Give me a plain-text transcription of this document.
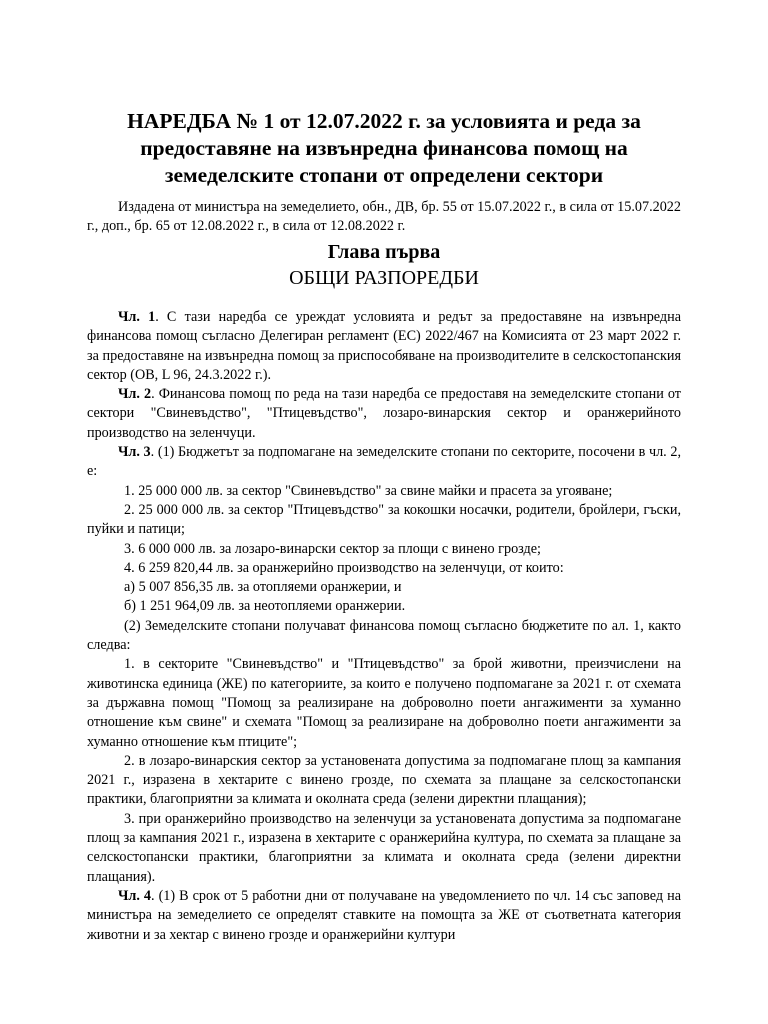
НАРЕДБА № 1 от 12.07.2022 г. за условията и реда за предоставяне на извънредна финансова помощ на земеделските стопани от определени сектори
Издадена от министъра на земеделието, обн., ДВ, бр. 55 от 15.07.2022 г., в сила от 15.07.2022 г., доп., бр. 65 от 12.08.2022 г., в сила от 12.08.2022 г.
Глава първа
ОБЩИ РАЗПОРЕДБИ

Чл. 1. С тази наредба се уреждат условията и редът за предоставяне на извънредна финансова помощ съгласно Делегиран регламент (ЕС) 2022/467 на Комисията от 23 март 2022 г. за предоставяне на извънредна помощ за приспособяване на производителите в селскостопанския сектор (ОВ, L 96, 24.3.2022 г.).

Чл. 2. Финансова помощ по реда на тази наредба се предоставя на земеделските стопани от сектори "Свиневъдство", "Птицевъдство", лозаро-винарския сектор и оранжерийното производство на зеленчуци.

Чл. 3. (1) Бюджетът за подпомагане на земеделските стопани по секторите, посочени в чл. 2, е:

1. 25 000 000 лв. за сектор "Свиневъдство" за свине майки и прасета за угояване;

2. 25 000 000 лв. за сектор "Птицевъдство" за кокошки носачки, родители, бройлери, гъски, пуйки и патици;

3. 6 000 000 лв. за лозаро-винарски сектор за площи с винено грозде;

4. 6 259 820,44 лв. за оранжерийно производство на зеленчуци, от които:

а) 5 007 856,35 лв. за отопляеми оранжерии, и

б) 1 251 964,09 лв. за неотопляеми оранжерии.

(2) Земеделските стопани получават финансова помощ съгласно бюджетите по ал. 1, както следва:

1. в секторите "Свиневъдство" и "Птицевъдство" за брой животни, преизчислени на животинска единица (ЖЕ) по категориите, за които е получено подпомагане за 2021 г. от схемата за държавна помощ "Помощ за реализиране на доброволно поети ангажименти за хуманно отношение към свине" и схемата "Помощ за реализиране на доброволно поети ангажименти за хуманно отношение към птиците";

2. в лозаро-винарския сектор за установената допустима за подпомагане площ за кампания 2021 г., изразена в хектарите с винено грозде, по схемата за плащане за селскостопански практики, благоприятни за климата и околната среда (зелени директни плащания);

3. при оранжерийно производство на зеленчуци за установената допустима за подпомагане площ за кампания 2021 г., изразена в хектарите с оранжерийна култура, по схемата за плащане за селскостопански практики, благоприятни за климата и околната среда (зелени директни плащания).

Чл. 4. (1) В срок от 5 работни дни от получаване на уведомлението по чл. 14 със заповед на министъра на земеделието се определят ставките на помощта за ЖЕ от съответната категория животни и за хектар с винено грозде и оранжерийни култури
